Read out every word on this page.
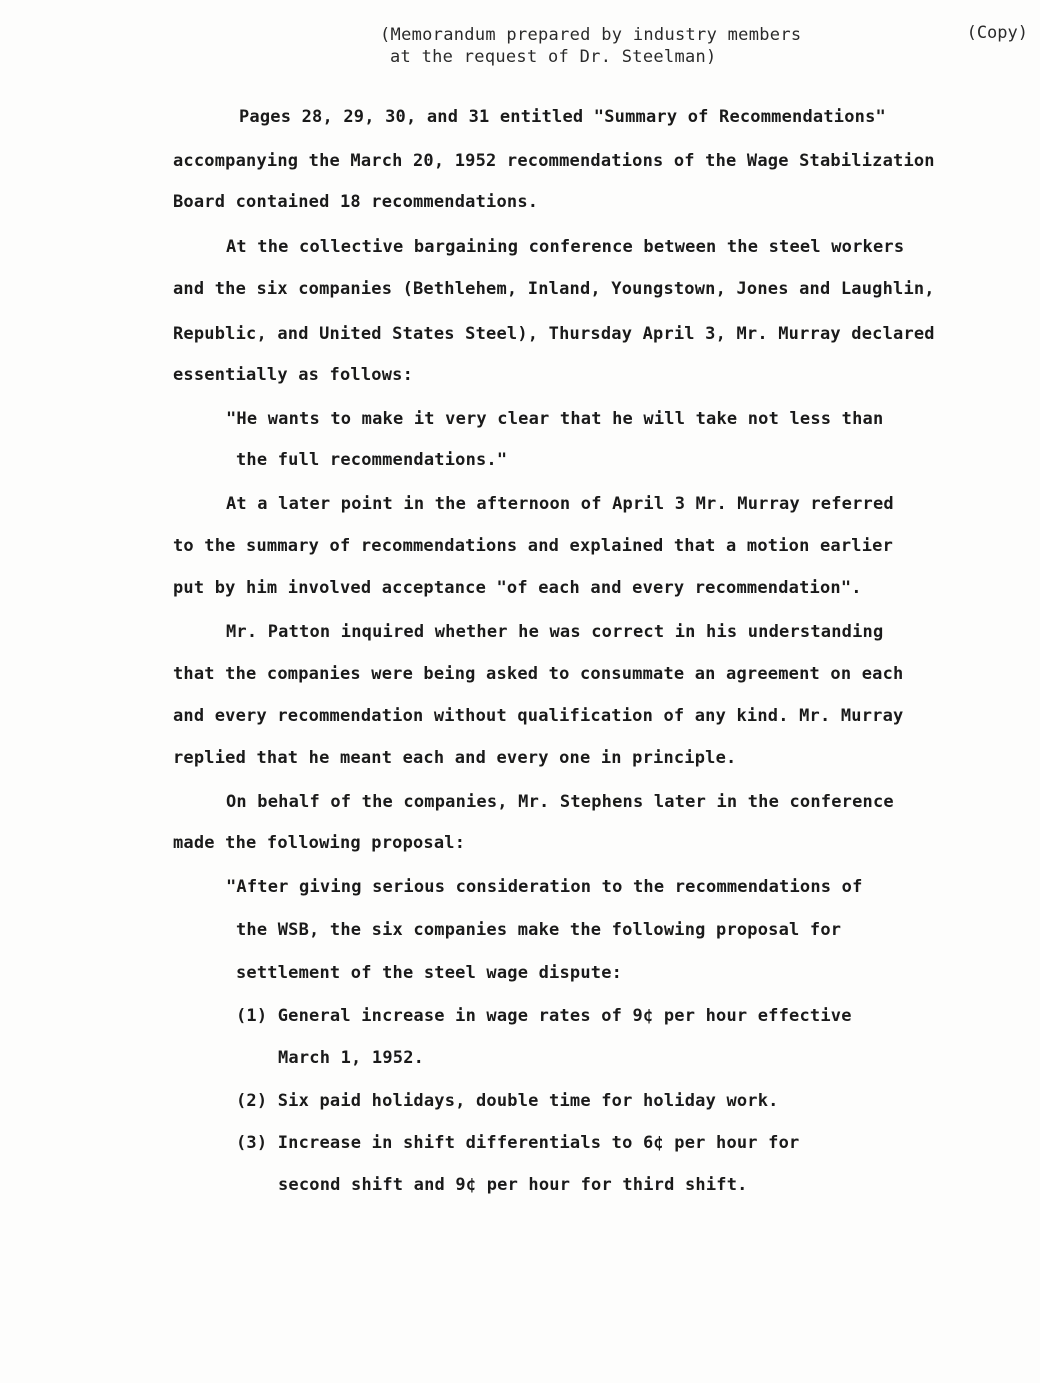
(Memorandum prepared by industry members
at the request of Dr. Steelman)
(Copy)
Pages 28, 29, 30, and 31 entitled "Summary of Recommendations"
accompanying the March 20, 1952 recommendations of the Wage Stabilization
Board contained 18 recommendations.
At the collective bargaining conference between the steel workers
and the six companies (Bethlehem, Inland, Youngstown, Jones and Laughlin,
Republic, and United States Steel), Thursday April 3, Mr. Murray declared
essentially as follows:
"He wants to make it very clear that he will take not less than
the full recommendations."
At a later point in the afternoon of April 3 Mr. Murray referred
to the summary of recommendations and explained that a motion earlier
put by him involved acceptance "of each and every recommendation".
Mr. Patton inquired whether he was correct in his understanding
that the companies were being asked to consummate an agreement on each
and every recommendation without qualification of any kind. Mr. Murray
replied that he meant each and every one in principle.
On behalf of the companies, Mr. Stephens later in the conference
made the following proposal:
"After giving serious consideration to the recommendations of
the WSB, the six companies make the following proposal for
settlement of the steel wage dispute:
(1) General increase in wage rates of 9¢ per hour effective
March 1, 1952.
(2) Six paid holidays, double time for holiday work.
(3) Increase in shift differentials to 6¢ per hour for
second shift and 9¢ per hour for third shift.
